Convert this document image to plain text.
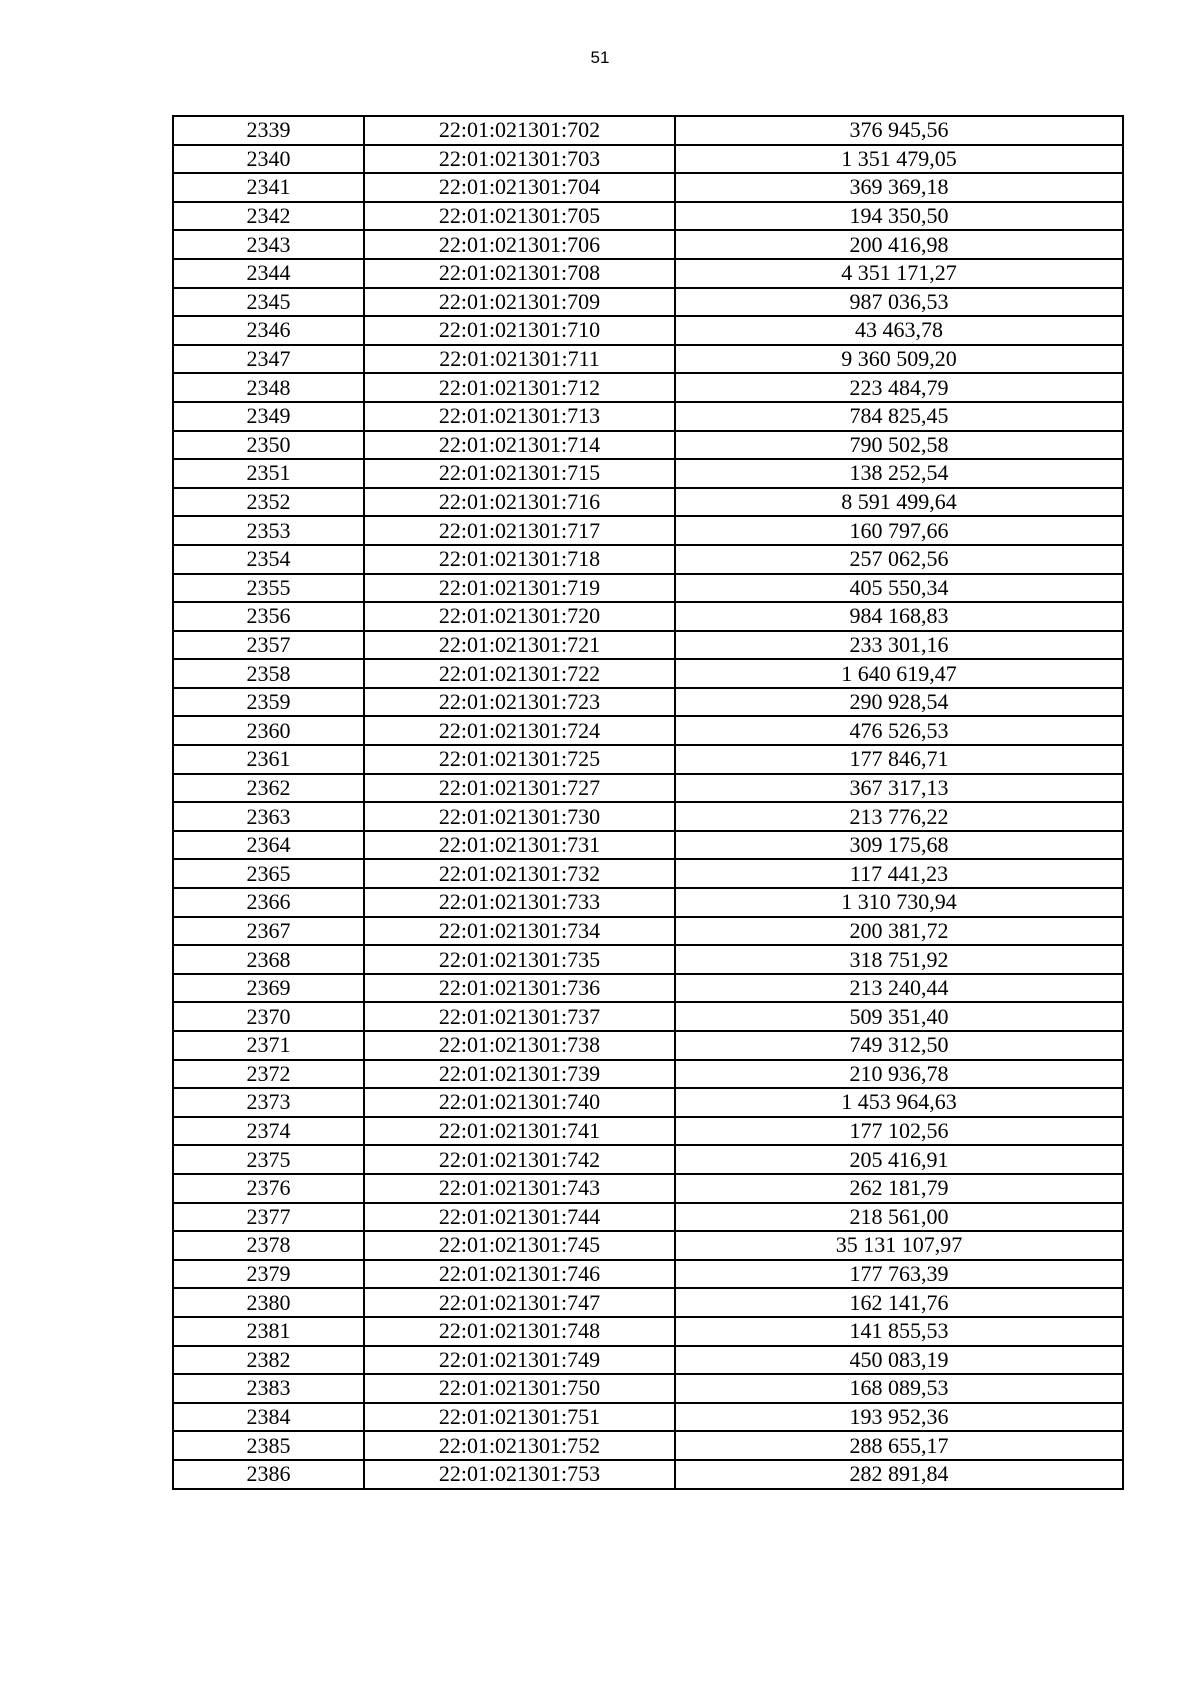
51
2339	22:01:021301:702	376 945,56
2340	22:01:021301:703	1 351 479,05
2341	22:01:021301:704	369 369,18
2342	22:01:021301:705	194 350,50
2343	22:01:021301:706	200 416,98
2344	22:01:021301:708	4 351 171,27
2345	22:01:021301:709	987 036,53
2346	22:01:021301:710	43 463,78
2347	22:01:021301:711	9 360 509,20
2348	22:01:021301:712	223 484,79
2349	22:01:021301:713	784 825,45
2350	22:01:021301:714	790 502,58
2351	22:01:021301:715	138 252,54
2352	22:01:021301:716	8 591 499,64
2353	22:01:021301:717	160 797,66
2354	22:01:021301:718	257 062,56
2355	22:01:021301:719	405 550,34
2356	22:01:021301:720	984 168,83
2357	22:01:021301:721	233 301,16
2358	22:01:021301:722	1 640 619,47
2359	22:01:021301:723	290 928,54
2360	22:01:021301:724	476 526,53
2361	22:01:021301:725	177 846,71
2362	22:01:021301:727	367 317,13
2363	22:01:021301:730	213 776,22
2364	22:01:021301:731	309 175,68
2365	22:01:021301:732	117 441,23
2366	22:01:021301:733	1 310 730,94
2367	22:01:021301:734	200 381,72
2368	22:01:021301:735	318 751,92
2369	22:01:021301:736	213 240,44
2370	22:01:021301:737	509 351,40
2371	22:01:021301:738	749 312,50
2372	22:01:021301:739	210 936,78
2373	22:01:021301:740	1 453 964,63
2374	22:01:021301:741	177 102,56
2375	22:01:021301:742	205 416,91
2376	22:01:021301:743	262 181,79
2377	22:01:021301:744	218 561,00
2378	22:01:021301:745	35 131 107,97
2379	22:01:021301:746	177 763,39
2380	22:01:021301:747	162 141,76
2381	22:01:021301:748	141 855,53
2382	22:01:021301:749	450 083,19
2383	22:01:021301:750	168 089,53
2384	22:01:021301:751	193 952,36
2385	22:01:021301:752	288 655,17
2386	22:01:021301:753	282 891,84
